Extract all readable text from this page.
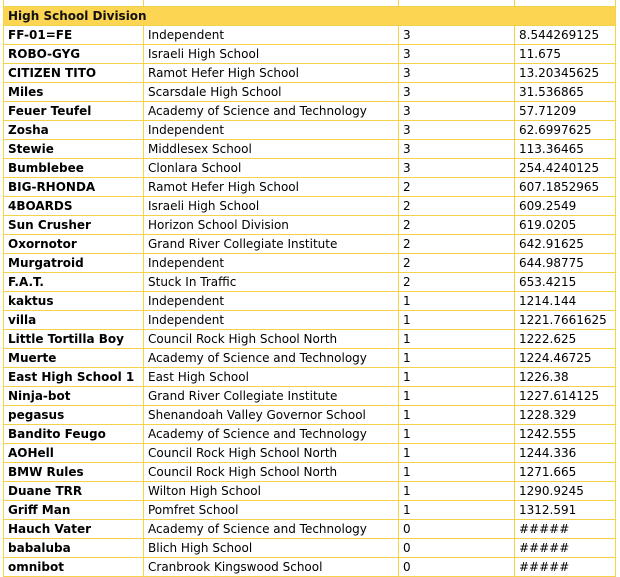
High School Division			
FF-01=FE	Independent	3	8.544269125
ROBO-GYG	Israeli High School	3	11.675
CITIZEN TITO	Ramot Hefer High School	3	13.20345625
Miles	Scarsdale High School	3	31.536865
Feuer Teufel	Academy of Science and Technology	3	57.71209
Zosha	Independent	3	62.6997625
Stewie	Middlesex School	3	113.36465
Bumblebee	Clonlara School	3	254.4240125
BIG-RHONDA	Ramot Hefer High School	2	607.1852965
4BOARDS	Israeli High School	2	609.2549
Sun Crusher	Horizon School Division	2	619.0205
Oxornotor	Grand River Collegiate Institute	2	642.91625
Murgatroid	Independent	2	644.98775
F.A.T.	Stuck In Traffic	2	653.4215
kaktus	Independent	1	1214.144
villa	Independent	1	1221.7661625
Little Tortilla Boy	Council Rock High School North	1	1222.625
Muerte	Academy of Science and Technology	1	1224.46725
East High School 1	East High School	1	1226.38
Ninja-bot	Grand River Collegiate Institute	1	1227.614125
pegasus	Shenandoah Valley Governor School	1	1228.329
Bandito Feugo	Academy of Science and Technology	1	1242.555
AOHell	Council Rock High School North	1	1244.336
BMW Rules	Council Rock High School North	1	1271.665
Duane TRR	Wilton High School	1	1290.9245
Griff Man	Pomfret School	1	1312.591
Hauch Vater	Academy of Science and Technology	0	#####
babaluba	Blich High School	0	#####
omnibot	Cranbrook Kingswood School	0	#####
